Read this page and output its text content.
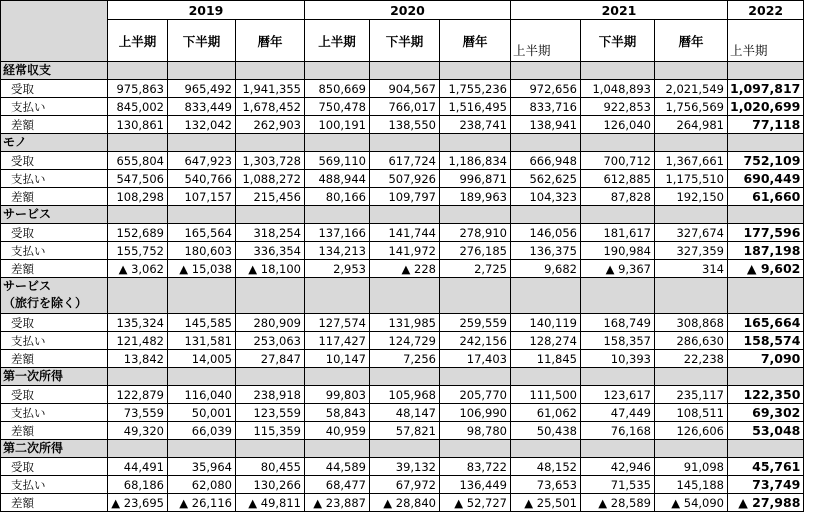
	2019			2020			2021			2022
	上半期	下半期	暦年	上半期	下半期	暦年	上半期	下半期	暦年	上半期
経常収支										
受取	975,863	965,492	1,941,355	850,669	904,567	1,755,236	972,656	1,048,893	2,021,549	1,097,817
支払い	845,002	833,449	1,678,452	750,478	766,017	1,516,495	833,716	922,853	1,756,569	1,020,699
差額	130,861	132,042	262,903	100,191	138,550	238,741	138,941	126,040	264,981	77,118
モノ										
受取	655,804	647,923	1,303,728	569,110	617,724	1,186,834	666,948	700,712	1,367,661	752,109
支払い	547,506	540,766	1,088,272	488,944	507,926	996,871	562,625	612,885	1,175,510	690,449
差額	108,298	107,157	215,456	80,166	109,797	189,963	104,323	87,828	192,150	61,660
サービス										
受取	152,689	165,564	318,254	137,166	141,744	278,910	146,056	181,617	327,674	177,596
支払い	155,752	180,603	336,354	134,213	141,972	276,185	136,375	190,984	327,359	187,198
差額	▲ 3,062	▲ 15,038	▲ 18,100	2,953	▲ 228	2,725	9,682	▲ 9,367	314	▲ 9,602
サービス
（旅行を除く）										
受取	135,324	145,585	280,909	127,574	131,985	259,559	140,119	168,749	308,868	165,664
支払い	121,482	131,581	253,063	117,427	124,729	242,156	128,274	158,357	286,630	158,574
差額	13,842	14,005	27,847	10,147	7,256	17,403	11,845	10,393	22,238	7,090
第一次所得										
受取	122,879	116,040	238,918	99,803	105,968	205,770	111,500	123,617	235,117	122,350
支払い	73,559	50,001	123,559	58,843	48,147	106,990	61,062	47,449	108,511	69,302
差額	49,320	66,039	115,359	40,959	57,821	98,780	50,438	76,168	126,606	53,048
第二次所得										
受取	44,491	35,964	80,455	44,589	39,132	83,722	48,152	42,946	91,098	45,761
支払い	68,186	62,080	130,266	68,477	67,972	136,449	73,653	71,535	145,188	73,749
差額	▲ 23,695	▲ 26,116	▲ 49,811	▲ 23,887	▲ 28,840	▲ 52,727	▲ 25,501	▲ 28,589	▲ 54,090	▲ 27,988
